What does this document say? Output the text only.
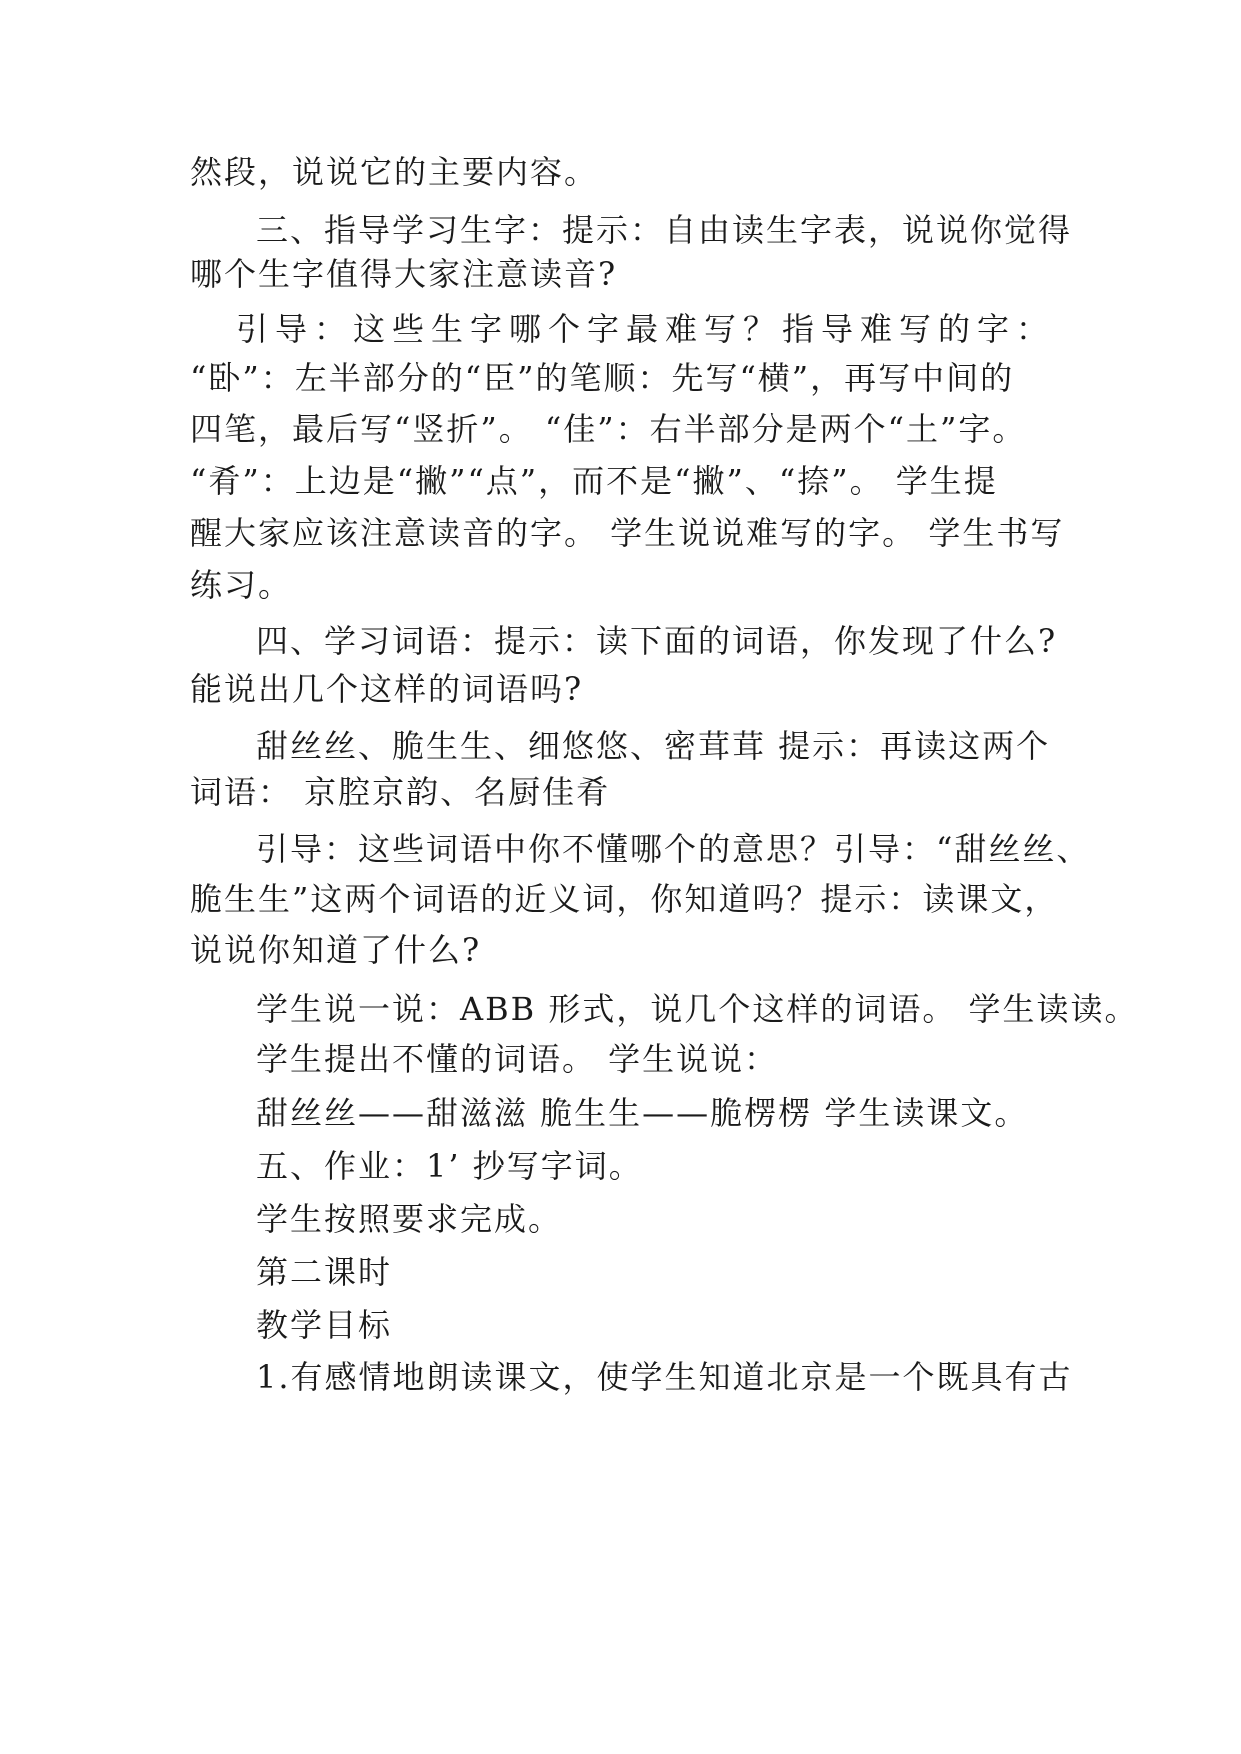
然段，说说它的主要内容。
三、指导学习生字：提示：自由读生字表，说说你觉得
哪个生字值得大家注意读音?
引导：这些生字哪个字最难写？指导难写的字：
“卧”：左半部分的“臣”的笔顺：先写“横”，再写中间的
四笔，最后写“竖折”。 “佳”：右半部分是两个“土”字。
“肴”：上边是“撇”“点”，而不是“撇”、“捺”。 学生提
醒大家应该注意读音的字。 学生说说难写的字。 学生书写
练习。
四、学习词语：提示：读下面的词语，你发现了什么?
能说出几个这样的词语吗?
甜丝丝、脆生生、细悠悠、密茸茸 提示：再读这两个
词语： 京腔京韵、名厨佳肴
引导：这些词语中你不懂哪个的意思？引导：“甜丝丝、
脆生生”这两个词语的近义词，你知道吗？提示：读课文，
说说你知道了什么?
学生说一说：ABB 形式，说几个这样的词语。 学生读读。
学生提出不懂的词语。 学生说说：
甜丝丝——甜滋滋 脆生生——脆楞楞 学生读课文。
五、作业：1’ 抄写字词。
学生按照要求完成。
第二课时
教学目标
1.有感情地朗读课文，使学生知道北京是一个既具有古
